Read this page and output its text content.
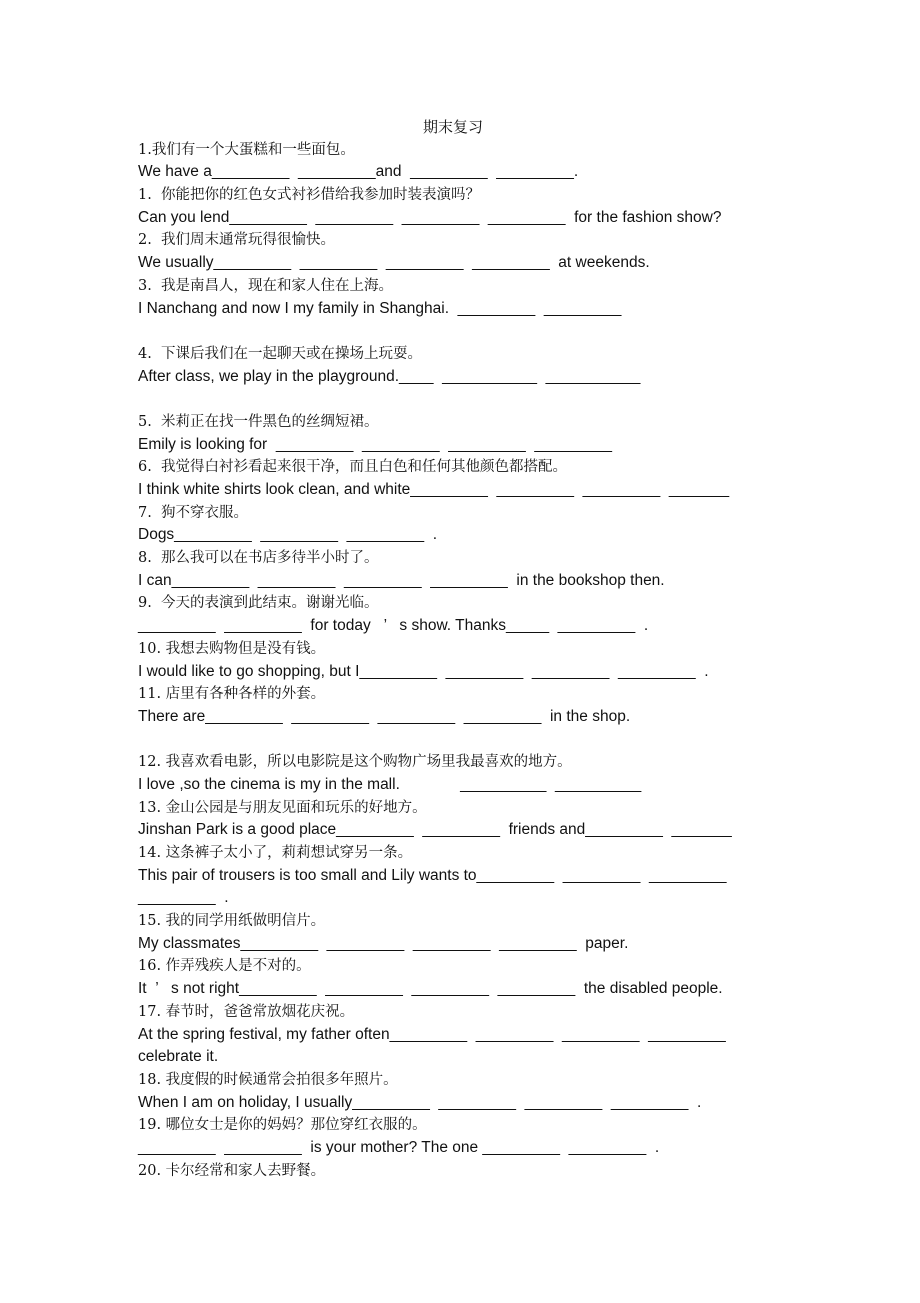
期末复习
1.我们有一个大蛋糕和一些面包。
We have a_________  _________and  _________  _________.
1.  你能把你的红色女式衬衫借给我参加时装表演吗？
Can you lend_________  _________  _________  _________  for the fashion show?
2.  我们周末通常玩得很愉快。
We usually_________  _________  _________  _________  at weekends.
3.  我是南昌人，现在和家人住在上海。
I Nanchang and now I my family in Shanghai.  _________  _________
4.  下课后我们在一起聊天或在操场上玩耍。
After class, we play in the playground.____  ___________  ___________
5.  米莉正在找一件黑色的丝绸短裙。
Emily is looking for  _________  _________  _________  _________
6.  我觉得白衬衫看起来很干净，而且白色和任何其他颜色都搭配。
I think white shirts look clean, and white_________  _________  _________  _______
7.  狗不穿衣服。
Dogs_________  _________  _________  .
8.  那么我可以在书店多待半小时了。
I can_________  _________  _________  _________  in the bookshop then.
9.  今天的表演到此结束。谢谢光临。
_________  _________  for today   ’   s show. Thanks_____  _________  .
10. 我想去购物但是没有钱。
I would like to go shopping, but I_________  _________  _________  _________  .
11. 店里有各种各样的外套。
There are_________  _________  _________  _________  in the shop.
12. 我喜欢看电影，所以电影院是这个购物广场里我最喜欢的地方。
I love ,so the cinema is my in the mall.              __________  __________
13. 金山公园是与朋友见面和玩乐的好地方。
Jinshan Park is a good place_________  _________  friends and_________  _______
14. 这条裤子太小了，莉莉想试穿另一条。
This pair of trousers is too small and Lily wants to_________  _________  _________
_________  .
15. 我的同学用纸做明信片。
My classmates_________  _________  _________  _________  paper.
16. 作弄残疾人是不对的。
It  ’   s not right_________  _________  _________  _________  the disabled people.
17. 春节时，爸爸常放烟花庆祝。
At the spring festival, my father often_________  _________  _________  _________
celebrate it.
18. 我度假的时候通常会拍很多年照片。
When I am on holiday, I usually_________  _________  _________  _________  .
19. 哪位女士是你的妈妈？那位穿红衣服的。
_________  _________  is your mother? The one _________  _________  .
20. 卡尔经常和家人去野餐。
